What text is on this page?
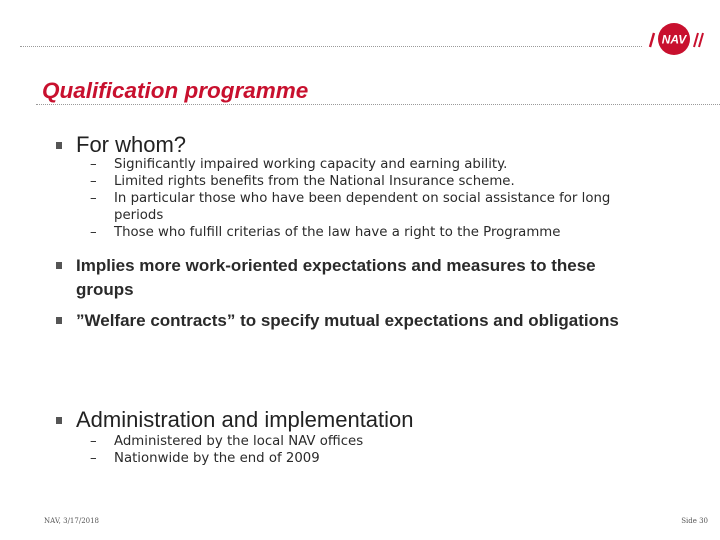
NAV
Qualification programme
For whom?
– Significantly impaired working capacity and earning ability.
– Limited rights benefits from the National Insurance scheme.
– In particular those who have been dependent on social assistance for long periods
– Those who fulfill criterias of the law have a right to the Programme
Implies more work-oriented expectations and measures to these groups
”Welfare contracts” to specify mutual expectations and obligations
Administration and implementation
– Administered by the local NAV offices
– Nationwide by the end of 2009
NAV, 3/17/2018	Side 30
